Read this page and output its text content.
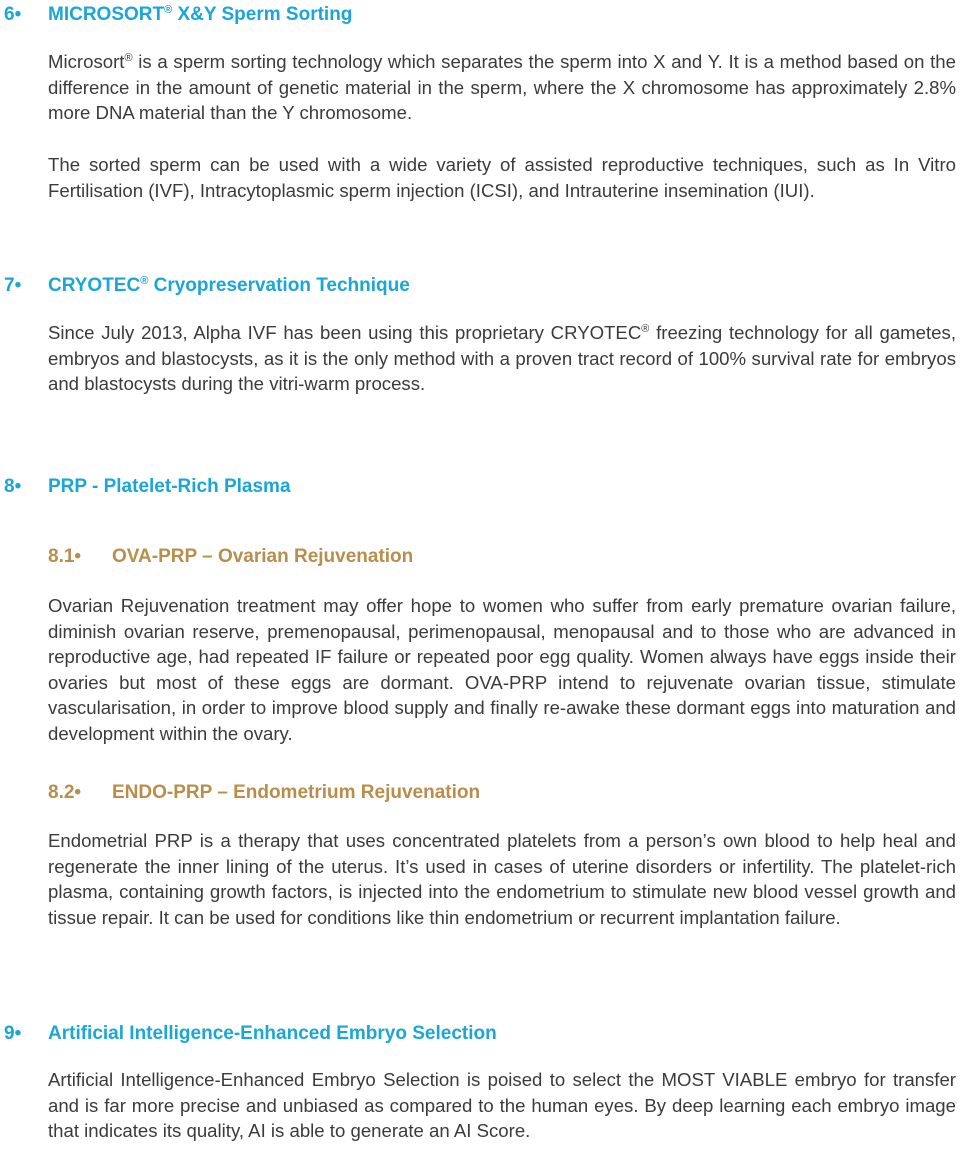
6• MICROSORT® X&Y Sperm Sorting

Microsort® is a sperm sorting technology which separates the sperm into X and Y. It is a method based on the difference in the amount of genetic material in the sperm, where the X chromosome has approximately 2.8% more DNA material than the Y chromosome.

The sorted sperm can be used with a wide variety of assisted reproductive techniques, such as In Vitro Fertilisation (IVF), Intracytoplasmic sperm injection (ICSI), and Intrauterine insemination (IUI).

7• CRYOTEC® Cryopreservation Technique

Since July 2013, Alpha IVF has been using this proprietary CRYOTEC® freezing technology for all gametes, embryos and blastocysts, as it is the only method with a proven tract record of 100% survival rate for embryos and blastocysts during the vitri-warm process.

8• PRP - Platelet-Rich Plasma
8.1• OVA-PRP – Ovarian Rejuvenation

Ovarian Rejuvenation treatment may offer hope to women who suffer from early premature ovarian failure, diminish ovarian reserve, premenopausal, perimenopausal, menopausal and to those who are advanced in reproductive age, had repeated IF failure or repeated poor egg quality. Women always have eggs inside their ovaries but most of these eggs are dormant. OVA-PRP intend to rejuvenate ovarian tissue, stimulate vascularisation, in order to improve blood supply and finally re-awake these dormant eggs into maturation and development within the ovary.

8.2• ENDO-PRP – Endometrium Rejuvenation

Endometrial PRP is a therapy that uses concentrated platelets from a person’s own blood to help heal and regenerate the inner lining of the uterus. It’s used in cases of uterine disorders or infertility. The platelet-rich plasma, containing growth factors, is injected into the endometrium to stimulate new blood vessel growth and tissue repair. It can be used for conditions like thin endometrium or recurrent implantation failure.

9• Artificial Intelligence-Enhanced Embryo Selection

Artificial Intelligence-Enhanced Embryo Selection is poised to select the MOST VIABLE embryo for transfer and is far more precise and unbiased as compared to the human eyes. By deep learning each embryo image that indicates its quality, AI is able to generate an AI Score.
